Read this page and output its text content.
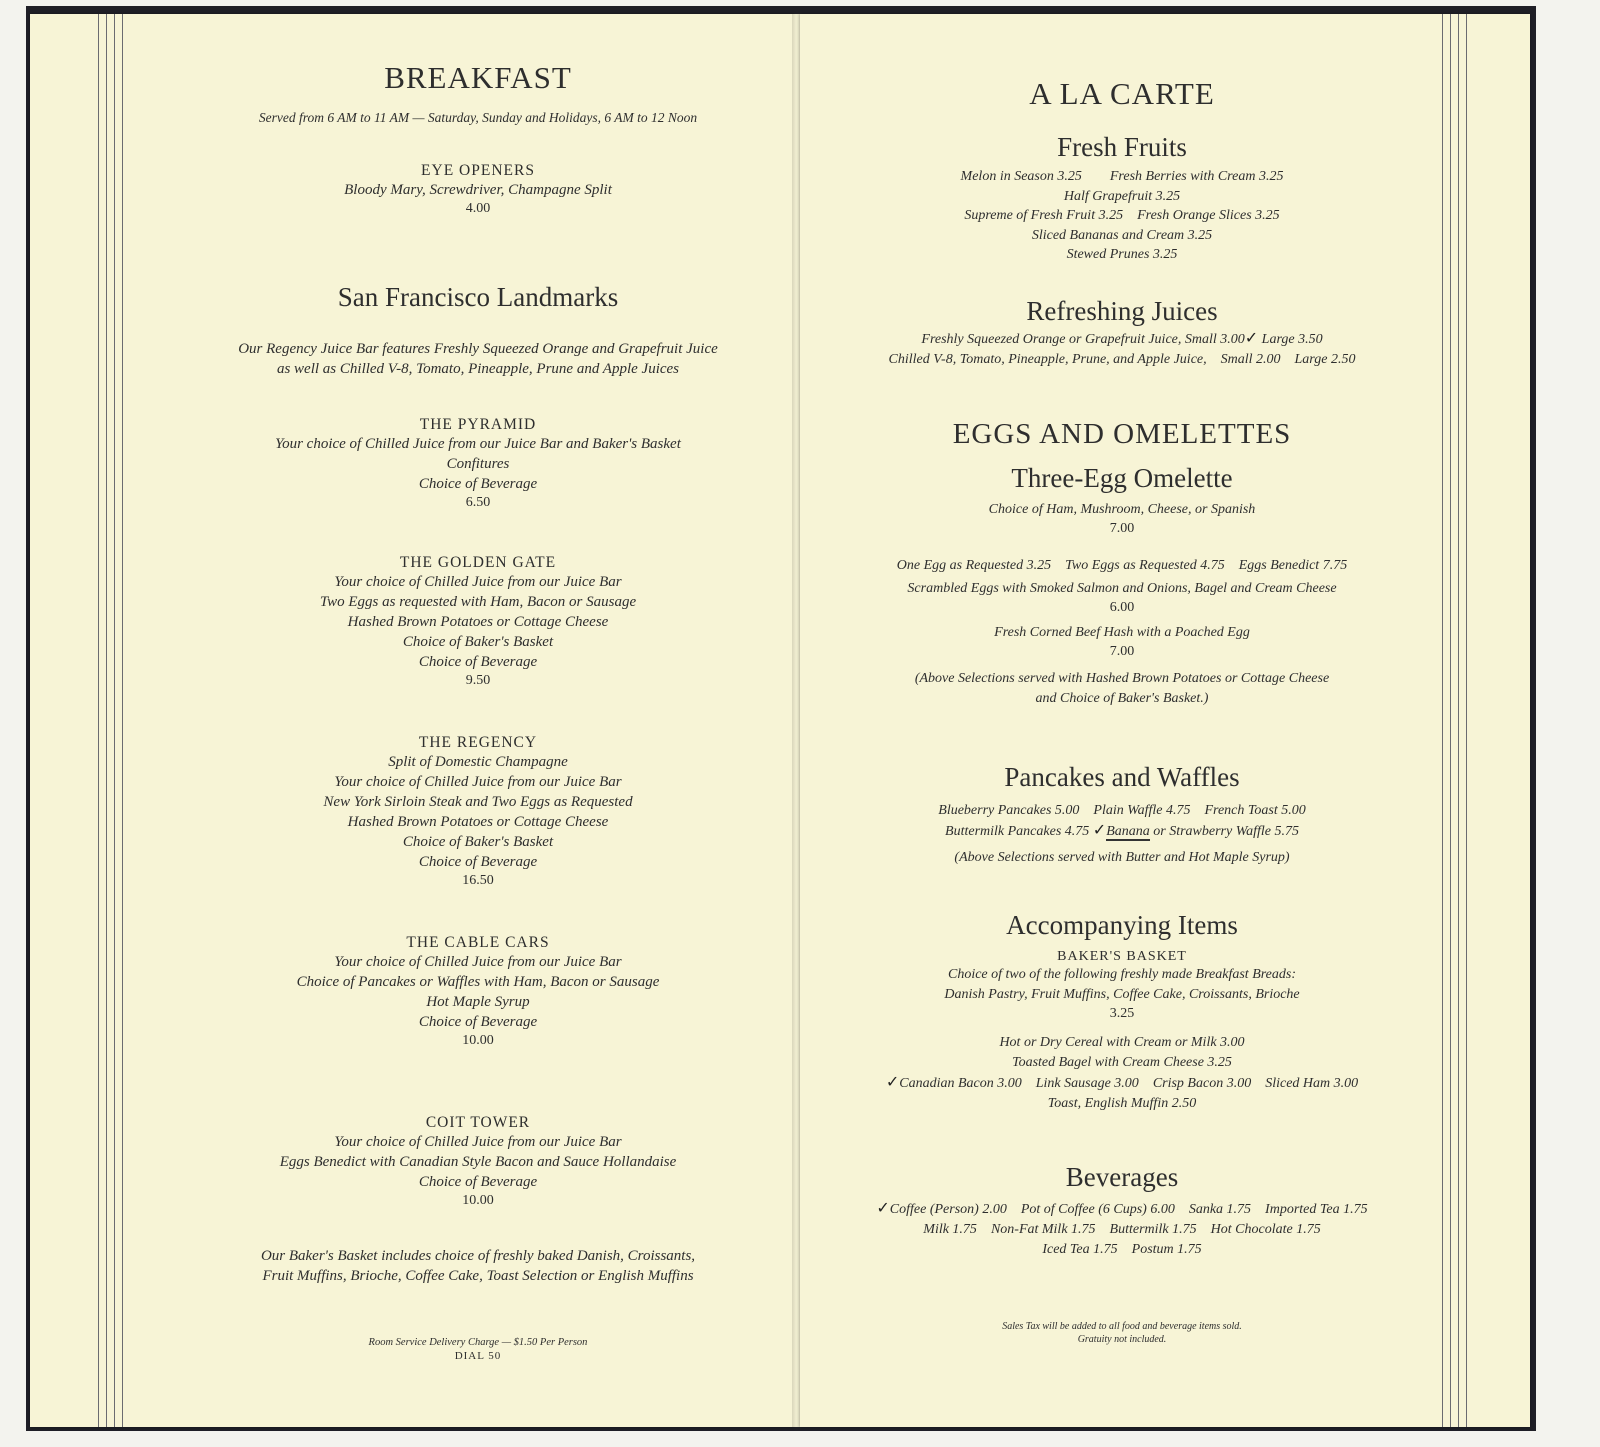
BREAKFAST
Served from 6 AM to 11 AM — Saturday, Sunday and Holidays, 6 AM to 12 Noon
EYE OPENERS
Bloody Mary, Screwdriver, Champagne Split
4.00
San Francisco Landmarks
Our Regency Juice Bar features Freshly Squeezed Orange and Grapefruit Juice
as well as Chilled V-8, Tomato, Pineapple, Prune and Apple Juices
THE PYRAMID
Your choice of Chilled Juice from our Juice Bar and Baker's Basket
Confitures
Choice of Beverage
6.50
THE GOLDEN GATE
Your choice of Chilled Juice from our Juice Bar
Two Eggs as requested with Ham, Bacon or Sausage
Hashed Brown Potatoes or Cottage Cheese
Choice of Baker's Basket
Choice of Beverage
9.50
THE REGENCY
Split of Domestic Champagne
Your choice of Chilled Juice from our Juice Bar
New York Sirloin Steak and Two Eggs as Requested
Hashed Brown Potatoes or Cottage Cheese
Choice of Baker's Basket
Choice of Beverage
16.50
THE CABLE CARS
Your choice of Chilled Juice from our Juice Bar
Choice of Pancakes or Waffles with Ham, Bacon or Sausage
Hot Maple Syrup
Choice of Beverage
10.00
COIT TOWER
Your choice of Chilled Juice from our Juice Bar
Eggs Benedict with Canadian Style Bacon and Sauce Hollandaise
Choice of Beverage
10.00
Our Baker's Basket includes choice of freshly baked Danish, Croissants,
Fruit Muffins, Brioche, Coffee Cake, Toast Selection or English Muffins
Room Service Delivery Charge — $1.50 Per Person
DIAL 50
A LA CARTE
Fresh Fruits
Melon in Season 3.25 Fresh Berries with Cream 3.25
Half Grapefruit 3.25
Supreme of Fresh Fruit 3.25 Fresh Orange Slices 3.25
Sliced Bananas and Cream 3.25
Stewed Prunes 3.25
Refreshing Juices
Freshly Squeezed Orange or Grapefruit Juice, Small 3.00✓ Large 3.50
Chilled V-8, Tomato, Pineapple, Prune, and Apple Juice, Small 2.00 Large 2.50
EGGS AND OMELETTES
Three-Egg Omelette
Choice of Ham, Mushroom, Cheese, or Spanish
7.00
One Egg as Requested 3.25 Two Eggs as Requested 4.75 Eggs Benedict 7.75
Scrambled Eggs with Smoked Salmon and Onions, Bagel and Cream Cheese
6.00
Fresh Corned Beef Hash with a Poached Egg
7.00
(Above Selections served with Hashed Brown Potatoes or Cottage Cheese
and Choice of Baker's Basket.)
Pancakes and Waffles
Blueberry Pancakes 5.00 Plain Waffle 4.75 French Toast 5.00
Buttermilk Pancakes 4.75 ✓Banana or Strawberry Waffle 5.75
(Above Selections served with Butter and Hot Maple Syrup)
Accompanying Items
BAKER'S BASKET
Choice of two of the following freshly made Breakfast Breads:
Danish Pastry, Fruit Muffins, Coffee Cake, Croissants, Brioche
3.25
Hot or Dry Cereal with Cream or Milk 3.00
Toasted Bagel with Cream Cheese 3.25
✓Canadian Bacon 3.00 Link Sausage 3.00 Crisp Bacon 3.00 Sliced Ham 3.00
Toast, English Muffin 2.50
Beverages
✓Coffee (Person) 2.00 Pot of Coffee (6 Cups) 6.00 Sanka 1.75 Imported Tea 1.75
Milk 1.75 Non-Fat Milk 1.75 Buttermilk 1.75 Hot Chocolate 1.75
Iced Tea 1.75 Postum 1.75
Sales Tax will be added to all food and beverage items sold.
Gratuity not included.
